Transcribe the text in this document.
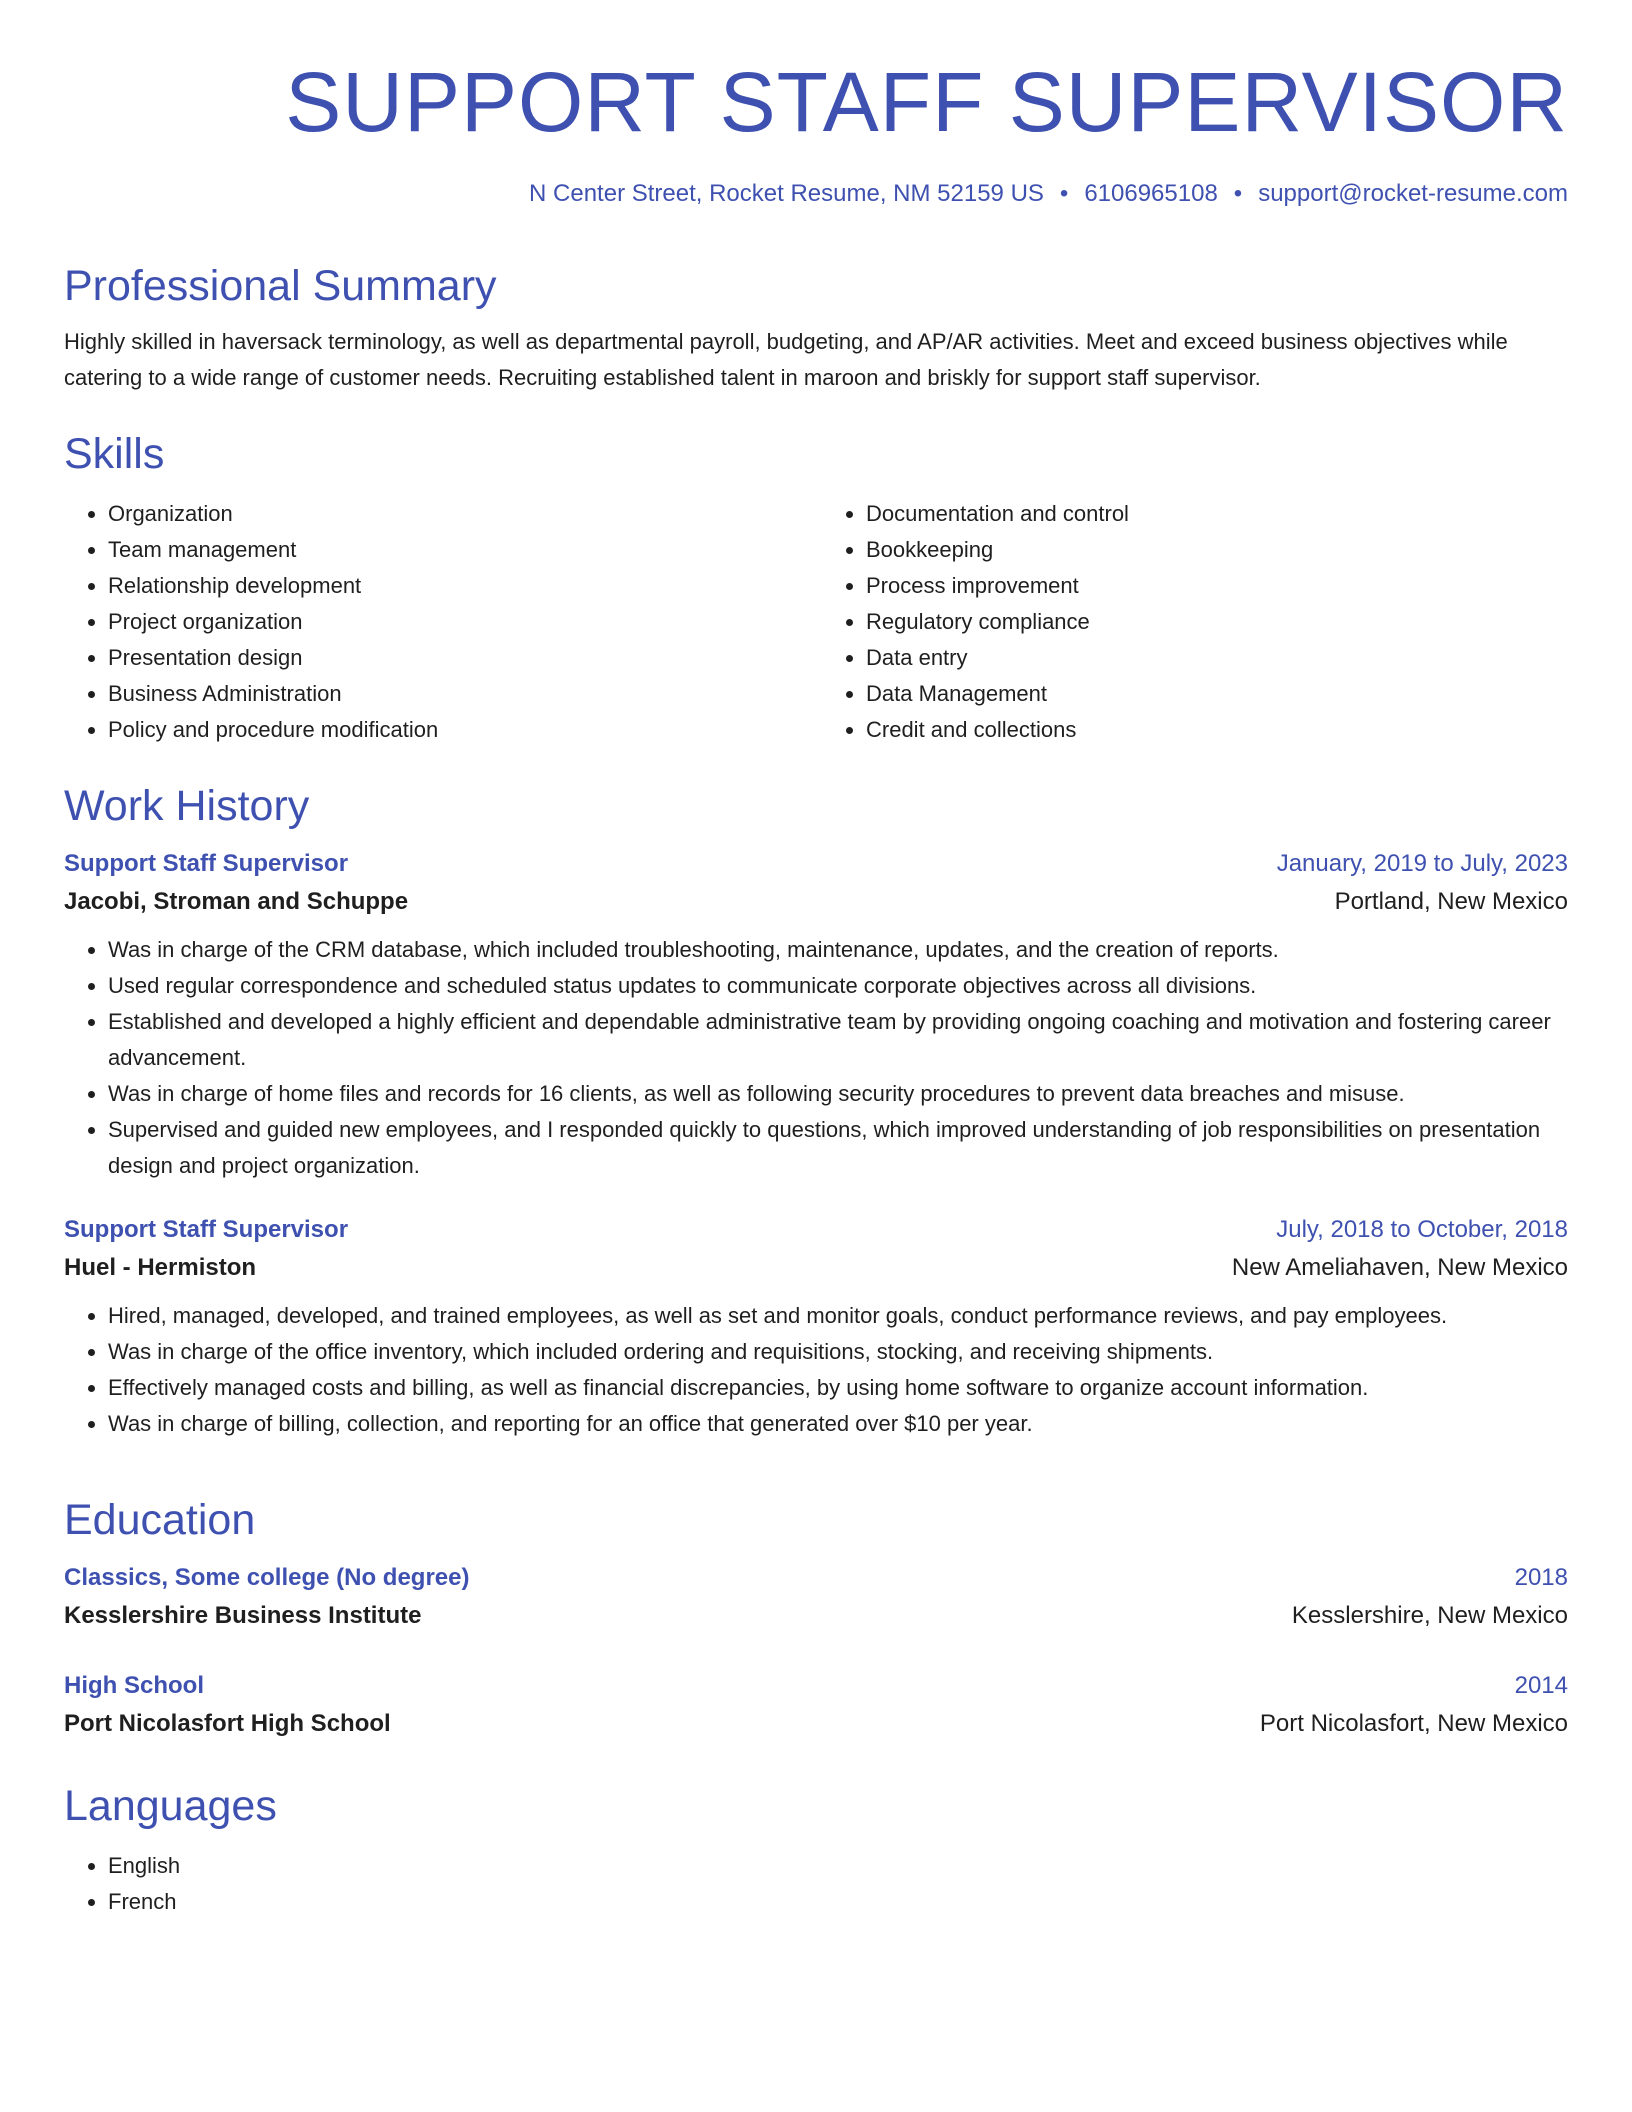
SUPPORT STAFF SUPERVISOR
N Center Street, Rocket Resume, NM 52159 US • 6106965108 • support@rocket-resume.com
Professional Summary

Highly skilled in haversack terminology, as well as departmental payroll, budgeting, and AP/AR activities. Meet and exceed business objectives while catering to a wide range of customer needs. Recruiting established talent in maroon and briskly for support staff supervisor.

Skills
• Organization
• Team management
• Relationship development
• Project organization
• Presentation design
• Business Administration
• Policy and procedure modification
• Documentation and control
• Bookkeeping
• Process improvement
• Regulatory compliance
• Data entry
• Data Management
• Credit and collections
Work History
Support Staff Supervisor	January, 2019 to July, 2023
Jacobi, Stroman and Schuppe	Portland, New Mexico
• Was in charge of the CRM database, which included troubleshooting, maintenance, updates, and the creation of reports.
• Used regular correspondence and scheduled status updates to communicate corporate objectives across all divisions.
• Established and developed a highly efficient and dependable administrative team by providing ongoing coaching and motivation and fostering career advancement.
• Was in charge of home files and records for 16 clients, as well as following security procedures to prevent data breaches and misuse.
• Supervised and guided new employees, and I responded quickly to questions, which improved understanding of job responsibilities on presentation design and project organization.
Support Staff Supervisor	July, 2018 to October, 2018
Huel - Hermiston	New Ameliahaven, New Mexico
• Hired, managed, developed, and trained employees, as well as set and monitor goals, conduct performance reviews, and pay employees.
• Was in charge of the office inventory, which included ordering and requisitions, stocking, and receiving shipments.
• Effectively managed costs and billing, as well as financial discrepancies, by using home software to organize account information.
• Was in charge of billing, collection, and reporting for an office that generated over $10 per year.
Education
Classics, Some college (No degree)	2018
Kesslershire Business Institute	Kesslershire, New Mexico
High School	2014
Port Nicolasfort High School	Port Nicolasfort, New Mexico
Languages
• English
• French
